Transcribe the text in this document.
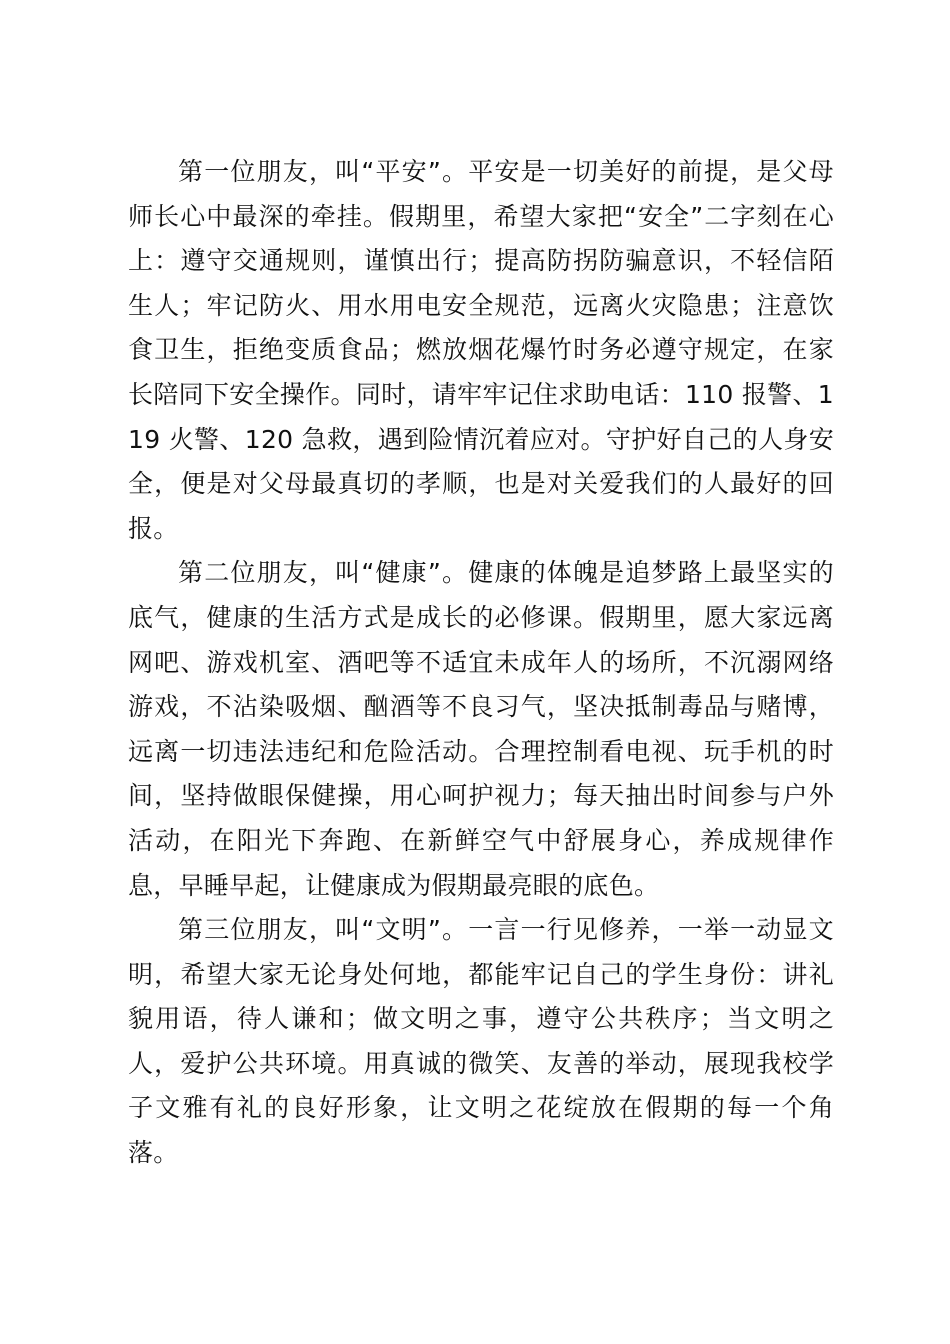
第一位朋友，叫“平安”。平安是一切美好的前提，是父母师长心中最深的牵挂。假期里，希望大家把“安全”二字刻在心上：遵守交通规则，谨慎出行；提高防拐防骗意识，不轻信陌生人；牢记防火、用水用电安全规范，远离火灾隐患；注意饮食卫生，拒绝变质食品；燃放烟花爆竹时务必遵守规定，在家长陪同下安全操作。同时，请牢牢记住求助电话：110 报警、119 火警、120 急救，遇到险情沉着应对。守护好自己的人身安全，便是对父母最真切的孝顺，也是对关爱我们的人最好的回报。

第二位朋友，叫“健康”。健康的体魄是追梦路上最坚实的底气，健康的生活方式是成长的必修课。假期里，愿大家远离网吧、游戏机室、酒吧等不适宜未成年人的场所，不沉溺网络游戏，不沾染吸烟、酗酒等不良习气，坚决抵制毒品与赌博，远离一切违法违纪和危险活动。合理控制看电视、玩手机的时间，坚持做眼保健操，用心呵护视力；每天抽出时间参与户外活动，在阳光下奔跑、在新鲜空气中舒展身心，养成规律作息，早睡早起，让健康成为假期最亮眼的底色。

第三位朋友，叫“文明”。一言一行见修养，一举一动显文明，希望大家无论身处何地，都能牢记自己的学生身份：讲礼貌用语，待人谦和；做文明之事，遵守公共秩序；当文明之人，爱护公共环境。用真诚的微笑、友善的举动，展现我校学子文雅有礼的良好形象，让文明之花绽放在假期的每一个角落。
